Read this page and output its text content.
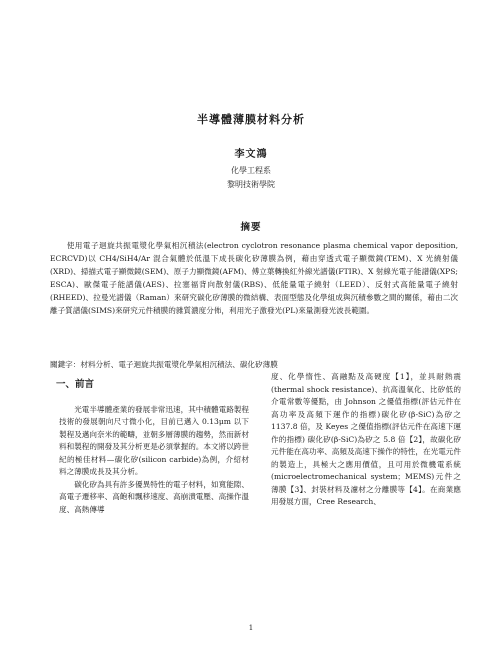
半導體薄膜材料分析
李文鴻
化學工程系
黎明技術學院
摘要

使用電子迴旋共振電漿化學氣相沉積法(electron cyclotron resonance plasma chemical vapor deposition, ECRCVD)以 CH4/SiH4/Ar 混合氣體於低溫下成長碳化矽薄膜為例，藉由穿透式電子顯微鏡(TEM)、X 光繞射儀(XRD)、掃描式電子顯微鏡(SEM)、原子力顯微鏡(AFM)、傅立葉轉換紅外線光譜儀(FTIR)、X 射線光電子能譜儀(XPS; ESCA)、歐傑電子能譜儀(AES)、拉塞福背向散射儀(RBS)、低能量電子繞射（LEED）、反射式高能量電子繞射(RHEED)、拉曼光譜儀（Raman）來研究碳化矽薄膜的微結構、表面型態及化學組成與沉積參數之間的關係，藉由二次離子質譜儀(SIMS)來研究元件積膜的雜質濃度分佈，利用光子激發光(PL)來量測發光波長範圍。

關鍵字：材料分析、電子迴旋共振電漿化學氣相沉積法、碳化矽薄膜

一、前言

光電半導體產業的發展非常迅速，其中積體電路製程技術的發展朝向尺寸微小化，目前已邁入 0.13μm 以下製程及邁向奈米的範疇，並朝多層薄膜的趨勢，然而新材料和製程的開發及其分析更是必須掌握的。本文將以跨世紀的極佳材料—碳化矽(silicon carbide)為例，介紹材料之薄膜成長及其分析。

碳化矽為具有許多優異特性的電子材料，如寬能隙、高電子遷移率、高飽和飄移速度、高崩潰電壓、高操作溫度、高熱傳導

度、化學惰性、高融點及高硬度【1】，並具耐熱震(thermal shock resistance)、抗高溫氧化、比矽低的介電常數等優點，由 Johnson 之優值指標(評估元件在高功率及高頻下運作的指標)碳化矽(β-SiC)為矽之 1137.8 倍，及 Keyes 之優值指標(評估元件在高速下運作的指標) 碳化矽(β-SiC)為矽之 5.8 倍【2】，故碳化矽元件能在高功率、高頻及高速下操作的特性，在光電元件的製造上，具極大之應用價值，且可用於微機電系統(microelectromechanical system；MEMS)元件之薄膜【3】、封裝材料及濾材之分離膜等【4】。在商業應用發展方面，Cree Research、

1
